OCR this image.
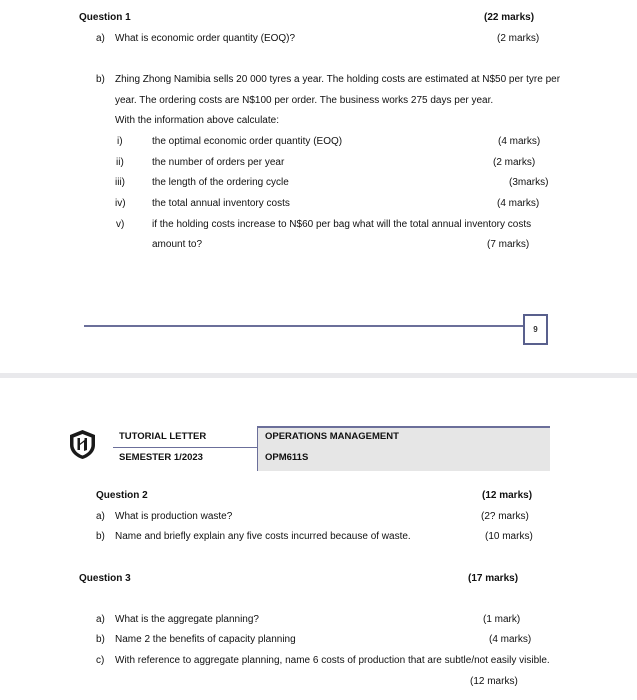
Question 1	(22 marks)
a) What is economic order quantity (EOQ)?	(2 marks)
b) Zhing Zhong Namibia sells 20 000 tyres a year. The holding costs are estimated at N$50 per tyre per
year. The ordering costs are N$100 per order. The business works 275 days per year.
With the information above calculate:
i)	the optimal economic order quantity (EOQ)	(4 marks)
ii)	the number of orders per year	(2 marks)
iii)	the length of the ordering cycle	(3marks)
iv)	the total annual inventory costs	(4 marks)
v)	if the holding costs increase to N$60 per bag what will the total annual inventory costs
amount to?	(7 marks)
9
TUTORIAL LETTER
SEMESTER 1/2023
OPERATIONS MANAGEMENT
OPM611S
Question 2	(12 marks)
a) What is production waste?	(2? marks)
b) Name and briefly explain any five costs incurred because of waste.	(10 marks)
Question 3	(17 marks)
a) What is the aggregate planning?	(1 mark)
b) Name 2 the benefits of capacity planning	(4 marks)
c) With reference to aggregate planning, name 6 costs of production that are subtle/not easily visible.
(12 marks)
